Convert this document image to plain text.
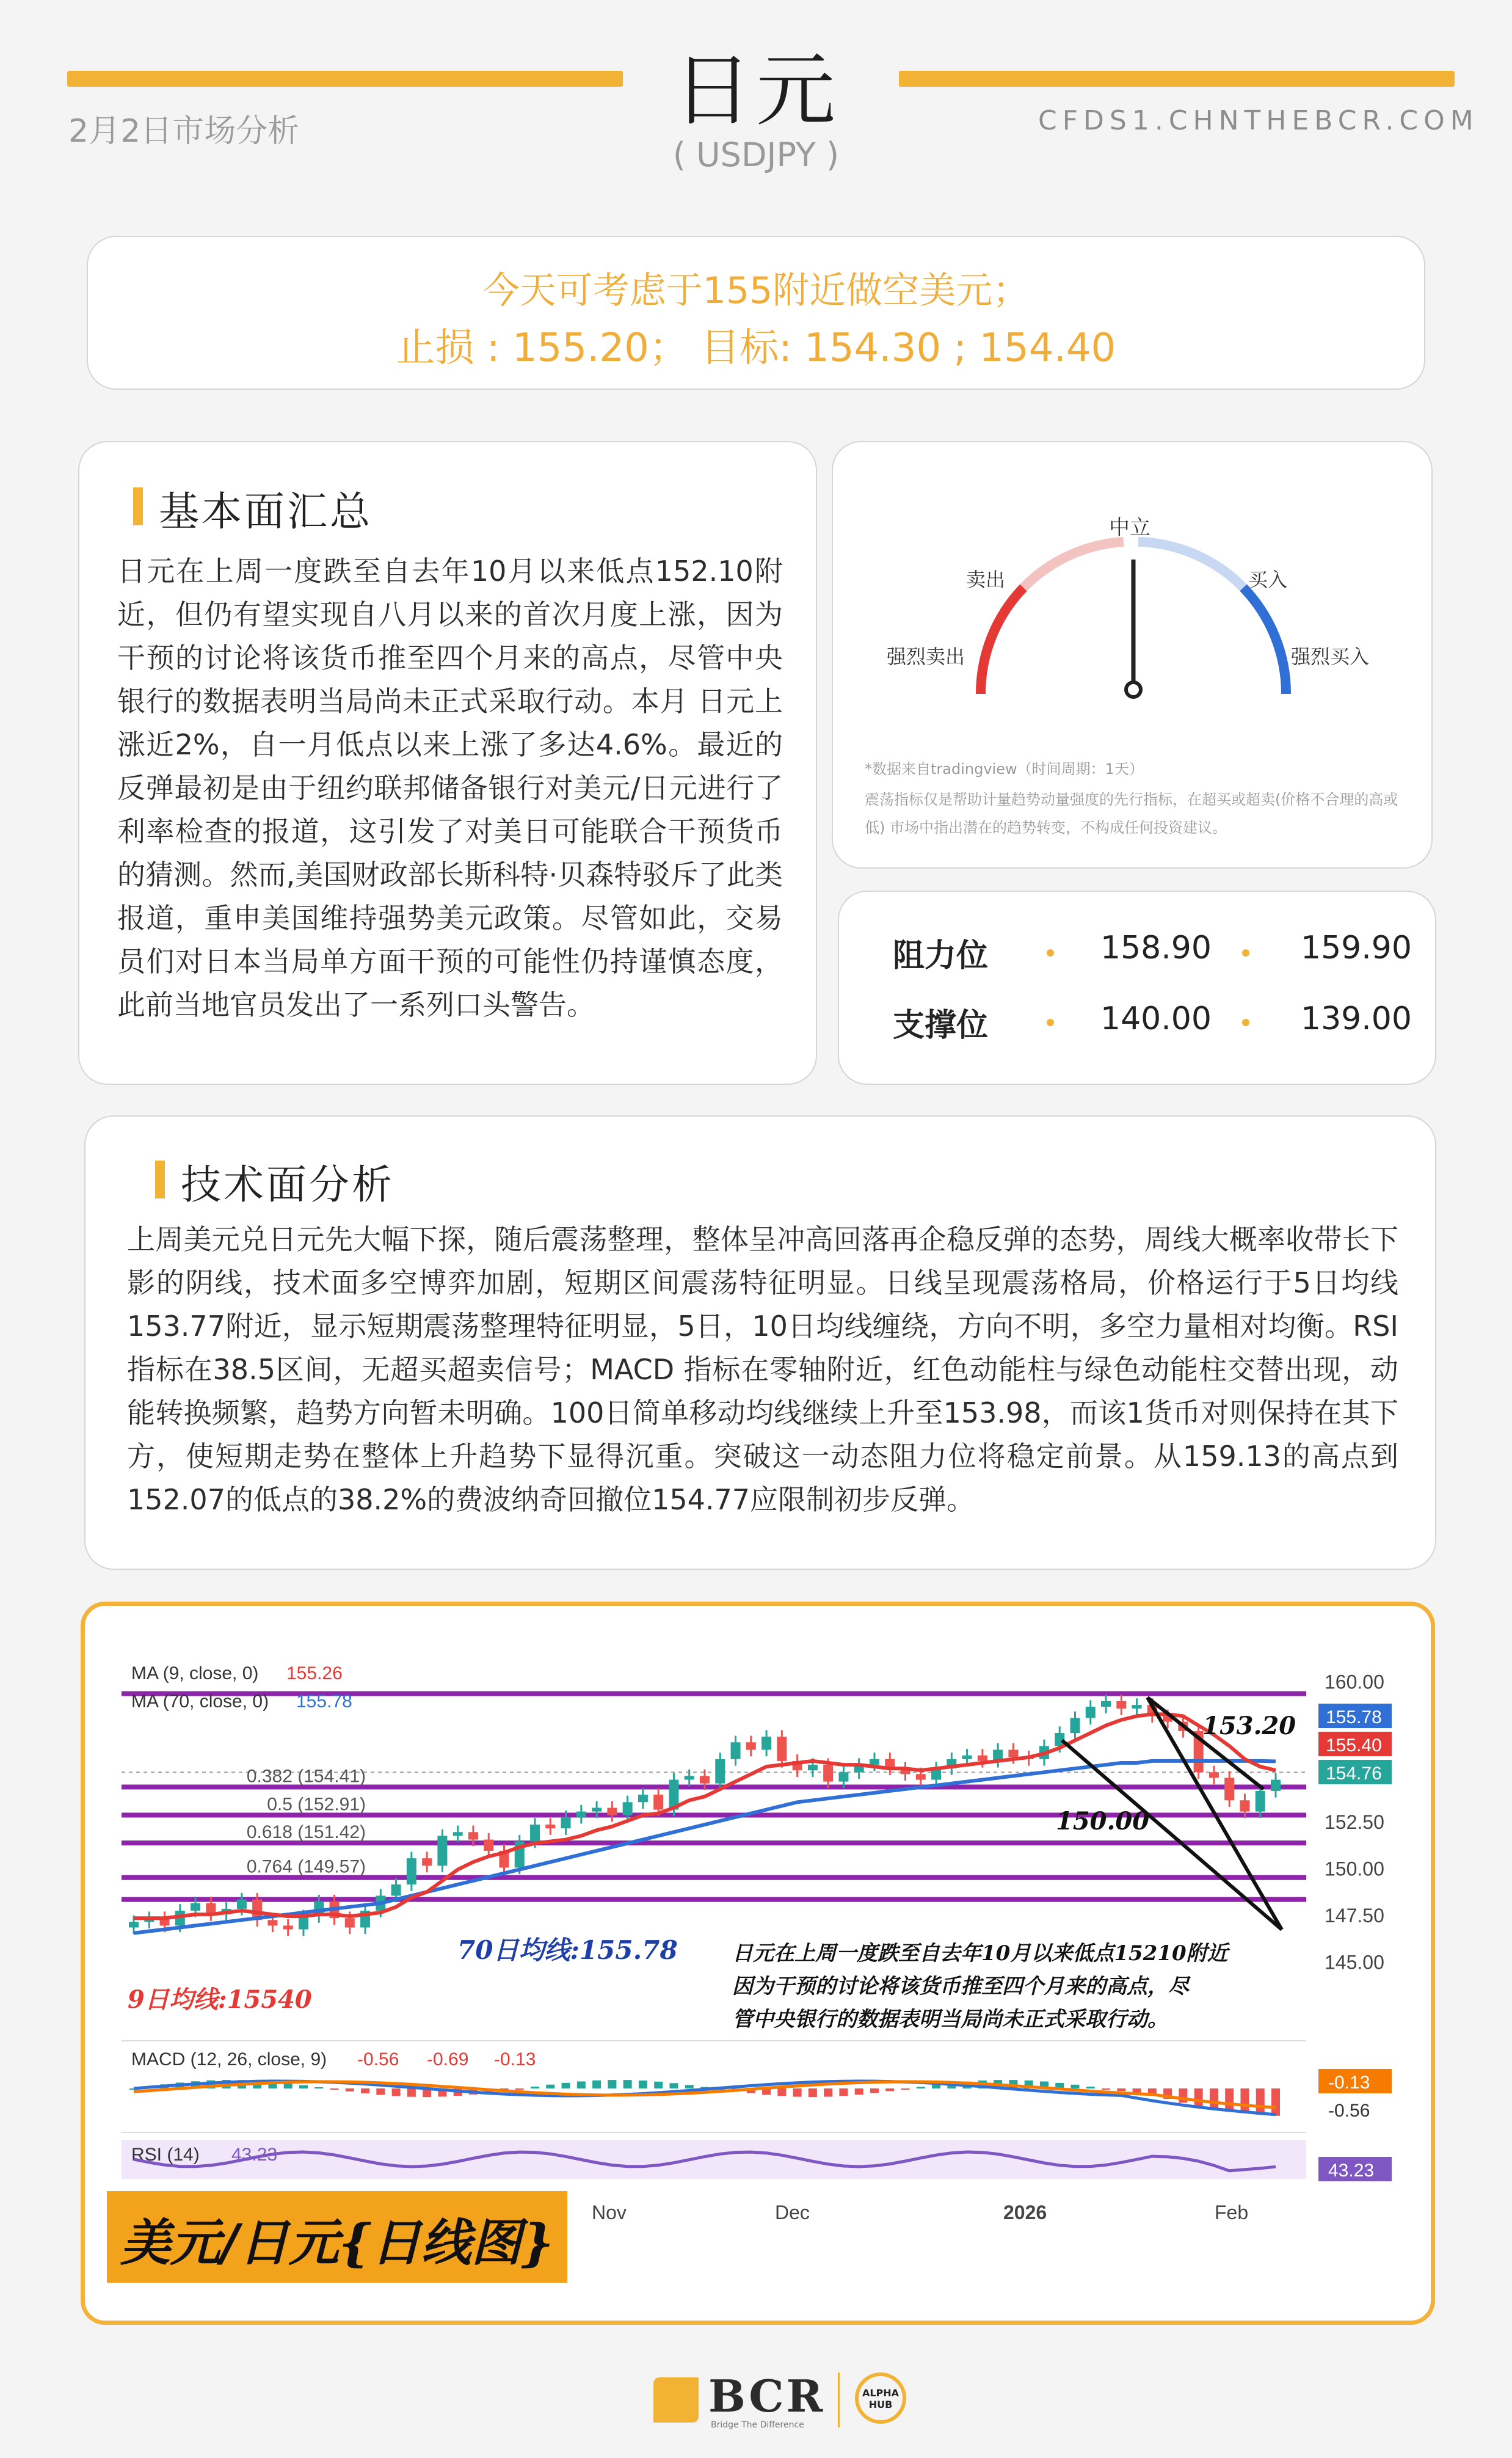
2月2日市场分析	日元
( USDJPY )
CFDS1.CHNTHEBCR.COM
今天可考虑于155附近做空美元；
止损 : 155.20； 目标: 154.30 ; 154.40
基本面汇总
日元在上周一度跌至自去年10月以来低点152.10附近，但仍有望实现自八月以来的首次月度上涨，因为干预的讨论将该货币推至四个月来的高点，尽管中央银行的数据表明当局尚未正式采取行动。本月 日元上涨近2%，自一月低点以来上涨了多达4.6%。最近的反弹最初是由于纽约联邦储备银行对美元/日元进行了利率检查的报道，这引发了对美日可能联合干预货币的猜测。然而,美国财政部长斯科特·贝森特驳斥了此类报道，重申美国维持强势美元政策。尽管如此，交易员们对日本当局单方面干预的可能性仍持谨慎态度，此前当地官员发出了一系列口头警告。
中立
卖出	买入
强烈卖出	强烈买入
*数据来自tradingview（时间周期：1天）
震荡指标仅是帮助计量趋势动量强度的先行指标，在超买或超卖(价格不合理的高或低) 市场中指出潜在的趋势转变，不构成任何投资建议。
阻力位	158.90	159.90
支撑位	140.00	139.00
技术面分析
上周美元兑日元先大幅下探，随后震荡整理，整体呈冲高回落再企稳反弹的态势，周线大概率收带长下影的阴线，技术面多空博弈加剧，短期区间震荡特征明显。日线呈现震荡格局，价格运行于5日均线153.77附近，显示短期震荡整理特征明显，5日，10日均线缠绕，方向不明，多空力量相对均衡。RSI指标在38.5区间，无超买超卖信号；MACD 指标在零轴附近，红色动能柱与绿色动能柱交替出现，动能转换频繁，趋势方向暂未明确。100日简单移动均线继续上升至153.98，而该1货币对则保持在其下方，使短期走势在整体上升趋势下显得沉重。突破这一动态阻力位将稳定前景。从159.13的高点到152.07的低点的38.2%的费波纳奇回撤位154.77应限制初步反弹。
0.382 (154.41)
0.5 (152.91)
0.618 (151.42)
0.764 (149.57)
MA (9, close, 0) 155.26
MA (70, close, 0) 155.78
160.00
152.50
150.00
147.50
145.00
155.78
155.40
154.76
153.20
150.00
70日均线:155.78
9日均线:15540
日元在上周一度跌至自去年10月以来低点15210附近
因为干预的讨论将该货币推至四个月来的高点，尽
管中央银行的数据表明当局尚未正式采取行动。
MACD (12, 26, close, 9) -0.56 -0.69 -0.13
-0.13
-0.56
RSI (14) 43.23
43.23
Nov	Dec	2026	Feb
美元/日元{日线图}
BCR
Bridge The Difference
ALPHA
HUB
